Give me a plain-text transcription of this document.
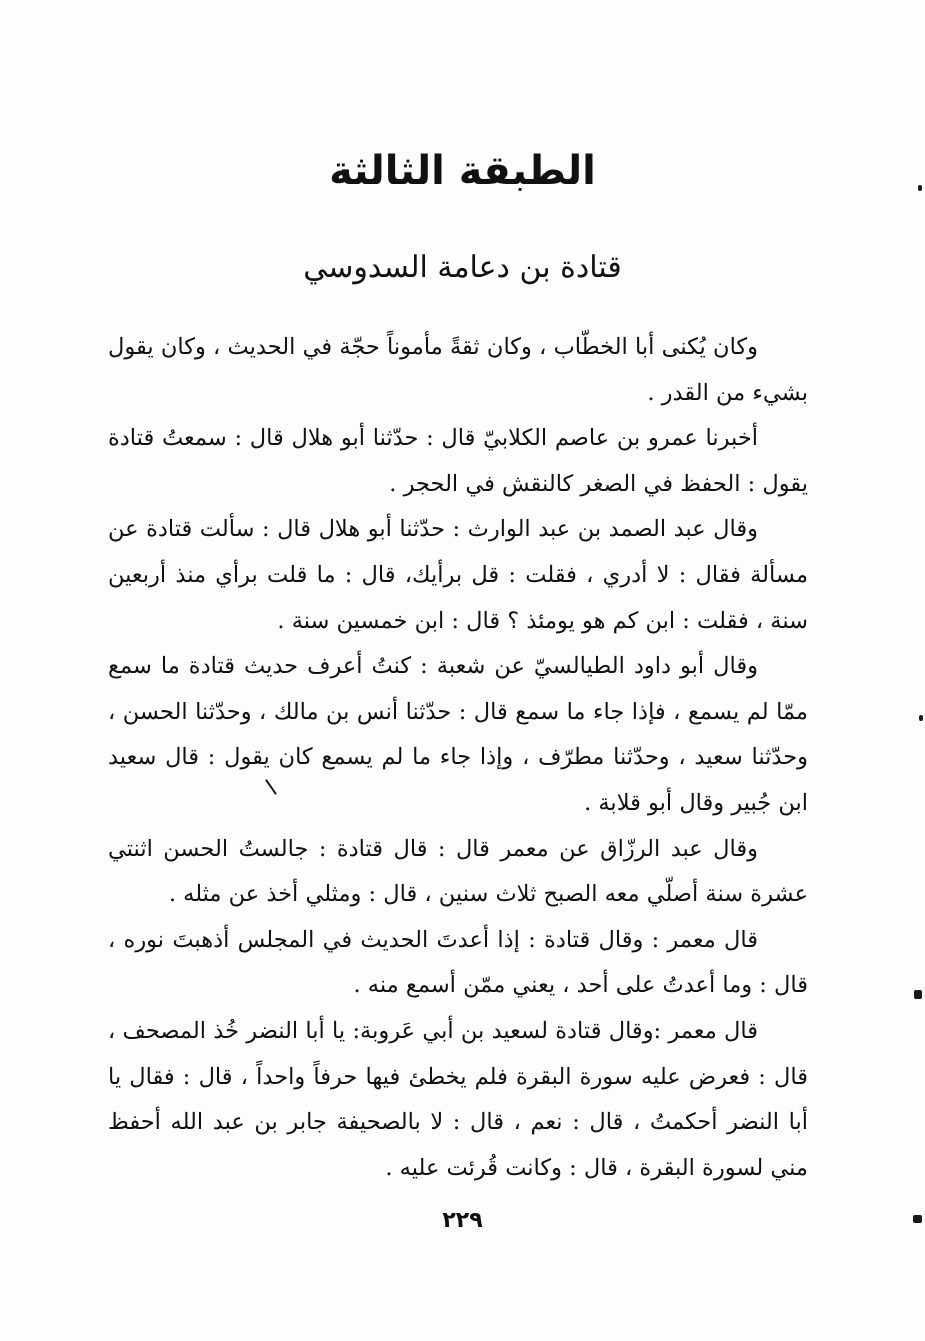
الطبقة الثالثة
قتادة بن دعامة السدوسي

وكان يُكنى أبا الخطّاب ، وكان ثقةً مأموناً حجّة في الحديث ، وكان يقول بشيء من القدر .

أخبرنا عمرو بن عاصم الكلابيّ قال : حدّثنا أبو هلال قال : سمعتُ قتادة يقول : الحفظ في الصغر كالنقش في الحجر .

وقال عبد الصمد بن عبد الوارث : حدّثنا أبو هلال قال : سألت قتادة عن مسألة فقال : لا أدري ، فقلت : قل برأيك، قال : ما قلت برأي منذ أربعين سنة ، فقلت : ابن كم هو يومئذ ؟ قال : ابن خمسين سنة .

وقال أبو داود الطيالسيّ عن شعبة : كنتُ أعرف حديث قتادة ما سمع ممّا لم يسمع ، فإذا جاء ما سمع قال : حدّثنا أنس بن مالك ، وحدّثنا الحسن ، وحدّثنا سعيد ، وحدّثنا مطرّف ، وإذا جاء ما لم يسمع كان يقول : قال سعيد ابن جُبير وقال أبو قلابة .

وقال عبد الرزّاق عن معمر قال : قال قتادة : جالستُ الحسن اثنتي عشرة سنة أصلّي معه الصبح ثلاث سنين ، قال : ومثلي أخذ عن مثله .

قال معمر : وقال قتادة : إذا أعدتَ الحديث في المجلس أذهبتَ نوره ، قال : وما أعدتُ على أحد ، يعني ممّن أسمع منه .

قال معمر :وقال قتادة لسعيد بن أبي عَروبة: يا أبا النضر خُذ المصحف ، قال : فعرض عليه سورة البقرة فلم يخطئ فيها حرفاً واحداً ، قال : فقال يا أبا النضر أحكمتُ ، قال : نعم ، قال : لا بالصحيفة جابر بن عبد الله أحفظ مني لسورة البقرة ، قال : وكانت قُرئت عليه .

٢٢٩
